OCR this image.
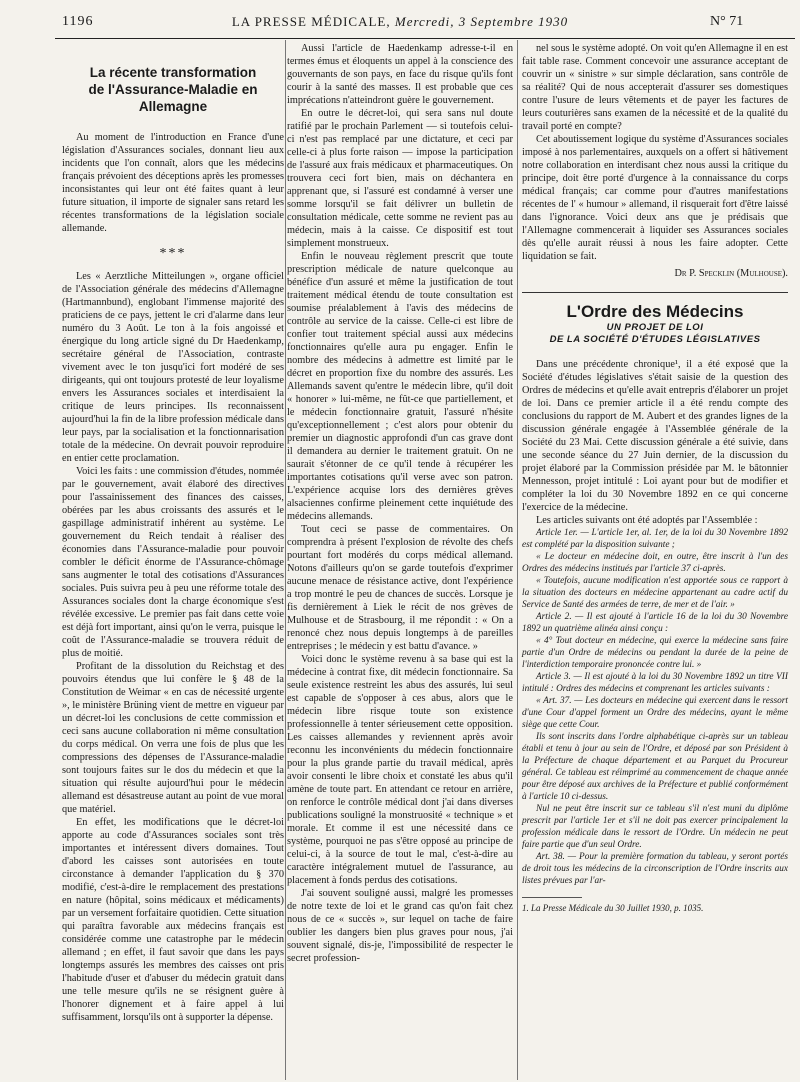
1196	LA PRESSE MÉDICALE, Mercredi, 3 Septembre 1930	N° 71
La récente transformation
de l'Assurance-Maladie en Allemagne

Au moment de l'introduction en France d'une législation d'Assurances sociales, donnant lieu aux incidents que l'on connaît, alors que les médecins français prévoient des déceptions après les promesses inconsistantes qui leur ont été faites quant à leur future situation, il importe de signaler sans retard les récentes transformations de la législation sociale allemande.

***

Les « Aerztliche Mitteilungen », organe officiel de l'Association générale des médecins d'Allemagne (Hartmannbund), englobant l'immense majorité des praticiens de ce pays, jettent le cri d'alarme dans leur numéro du 3 Août. Le ton à la fois angoissé et énergique du long article signé du Dr Haedenkamp, secrétaire général de l'Association, contraste vivement avec le ton jusqu'ici fort modéré de ses dirigeants, qui ont toujours protesté de leur loyalisme envers les Assurances sociales et interdisaient la critique de leurs principes. Ils reconnaissent aujourd'hui la fin de la libre profession médicale dans leur pays, par la socialisation et la fonctionnarisation totale de la médecine. On devrait pouvoir reproduire en entier cette proclamation.

Voici les faits : une commission d'études, nommée par le gouvernement, avait élaboré des directives pour l'assainissement des finances des caisses, obérées par les abus croissants des assurés et le gaspillage administratif inhérent au système. Le gouvernement du Reich tendait à réaliser des économies dans l'Assurance-maladie pour pouvoir combler le déficit énorme de l'Assurance-chômage sans augmenter le total des cotisations d'Assurances sociales. Puis suivra peu à peu une réforme totale des Assurances sociales dont la charge économique s'est révélée excessive. Le premier pas fait dans cette voie est déjà fort important, ainsi qu'on le verra, puisque le coût de l'Assurance-maladie se trouvera réduit de plus de moitié.

Profitant de la dissolution du Reichstag et des pouvoirs étendus que lui confère le § 48 de la Constitution de Weimar « en cas de nécessité urgente », le ministère Brüning vient de mettre en vigueur par un décret-loi les conclusions de cette commission et ceci sans aucune collaboration ni même consultation du corps médical. On verra une fois de plus que les compressions des dépenses de l'Assurance-maladie sont toujours faites sur le dos du médecin et que la situation qui résulte aujourd'hui pour le médecin allemand est désastreuse autant au point de vue moral que matériel.

En effet, les modifications que le décret-loi apporte au code d'Assurances sociales sont très importantes et intéressent divers domaines. Tout d'abord les caisses sont autorisées en toute circonstance à demander l'application du § 370 modifié, c'est-à-dire le remplacement des prestations en nature (hôpital, soins médicaux et médicaments) par un versement forfaitaire quotidien. Cette situation qui paraîtra favorable aux médecins français est considérée comme une catastrophe par le médecin allemand ; en effet, il faut savoir que dans les pays longtemps assurés les membres des caisses ont pris l'habitude d'user et d'abuser du médecin gratuit dans une telle mesure qu'ils ne se résignent guère à l'honorer dignement et à faire appel à lui suffisamment, lorsqu'ils ont à supporter la dépense.

Aussi l'article de Haedenkamp adresse-t-il en termes émus et éloquents un appel à la conscience des gouvernants de son pays, en face du risque qu'ils font courir à la santé des masses. Il est probable que ces imprécations n'atteindront guère le gouvernement.

En outre le décret-loi, qui sera sans nul doute ratifié par le prochain Parlement — si toutefois celui-ci n'est pas remplacé par une dictature, et ceci par celle-ci à plus forte raison — impose la participation de l'assuré aux frais médicaux et pharmaceutiques. On trouvera ceci fort bien, mais on déchantera en apprenant que, si l'assuré est condamné à verser une somme lorsqu'il se fait délivrer un bulletin de consultation médicale, cette somme ne revient pas au médecin, mais à la caisse. Ce dispositif est tout simplement monstrueux.

Enfin le nouveau règlement prescrit que toute prescription médicale de nature quelconque au bénéfice d'un assuré et même la justification de tout traitement médical étendu de toute consultation est soumise préalablement à l'avis des médecins de contrôle au service de la caisse. Celle-ci est libre de confier tout traitement spécial aussi aux médecins fonctionnaires qu'elle aura pu engager. Enfin le nombre des médecins à admettre est limité par le décret en proportion fixe du nombre des assurés. Les Allemands savent qu'entre le médecin libre, qu'il doit « honorer » lui-même, ne fût-ce que partiellement, et le médecin fonctionnaire gratuit, l'assuré n'hésite qu'exceptionnellement ; c'est alors pour obtenir du premier un diagnostic approfondi d'un cas grave dont il demandera au dernier le traitement gratuit. On ne saurait s'étonner de ce qu'il tende à récupérer les importantes cotisations qu'il verse avec son patron. L'expérience acquise lors des dernières grèves alsaciennes confirme pleinement cette inquiétude des médecins allemands.

Tout ceci se passe de commentaires. On comprendra à présent l'explosion de révolte des chefs pourtant fort modérés du corps médical allemand. Notons d'ailleurs qu'on se garde toutefois d'exprimer aucune menace de résistance active, dont l'expérience a trop montré le peu de chances de succès. Lorsque je fis dernièrement à Liek le récit de nos grèves de Mulhouse et de Strasbourg, il me répondit : « On a renoncé chez nous depuis longtemps à de pareilles entreprises ; le médecin y est battu d'avance. »

Voici donc le système revenu à sa base qui est la médecine à contrat fixe, dit médecin fonctionnaire. Sa seule existence restreint les abus des assurés, lui seul est capable de s'opposer à ces abus, alors que le médecin libre risque toute son existence professionnelle à tenter sérieusement cette opposition. Les caisses allemandes y reviennent après avoir reconnu les inconvénients du médecin fonctionnaire pour la plus grande partie du travail médical, après avoir consenti le libre choix et constaté les abus qu'il amène de toute part. En attendant ce retour en arrière, on renforce le contrôle médical dont j'ai dans diverses publications souligné la monstruosité « technique » et morale. Et comme il est une nécessité dans ce système, pourquoi ne pas s'être opposé au principe de celui-ci, à la source de tout le mal, c'est-à-dire au caractère intégralement mutuel de l'assurance, au placement à fonds perdus des cotisations.

J'ai souvent souligné aussi, malgré les promesses de notre texte de loi et le grand cas qu'on fait chez nous de ce « succès », sur lequel on tache de faire oublier les dangers bien plus graves pour nous, j'ai souvent signalé, dis-je, l'impossibilité de respecter le secret profession-

nel sous le système adopté. On voit qu'en Allemagne il en est fait table rase. Comment concevoir une assurance acceptant de couvrir un « sinistre » sur simple déclaration, sans contrôle de sa réalité? Qui de nous accepterait d'assurer ses domestiques contre l'usure de leurs vêtements et de payer les factures de leurs couturières sans examen de la nécessité et de la qualité du travail porté en compte?

Cet aboutissement logique du système d'Assurances sociales imposé à nos parlementaires, auxquels on a offert si hâtivement notre collaboration en interdisant chez nous aussi la critique du principe, doit être porté d'urgence à la connaissance du corps médical français; car comme pour d'autres manifestations récentes de l' « humour » allemand, il risquerait fort d'être laissé dans l'ignorance. Voici deux ans que je prédisais que l'Allemagne commencerait à liquider ses Assurances sociales dès qu'elle aurait réussi à nous les faire adopter. Cette liquidation se fait.

Dr P. Specklin (Mulhouse).
L'Ordre des Médecins
UN PROJET DE LOI
DE LA SOCIÉTÉ D'ÉTUDES LÉGISLATIVES

Dans une précédente chronique¹, il a été exposé que la Société d'études législatives s'était saisie de la question des Ordres de médecins et qu'elle avait entrepris d'élaborer un projet de loi. Dans ce premier article il a été rendu compte des conclusions du rapport de M. Aubert et des grandes lignes de la discussion générale engagée à l'Assemblée générale de la Société du 23 Mai. Cette discussion générale a été suivie, dans une seconde séance du 27 Juin dernier, de la discussion du projet élaboré par la Commission présidée par M. le bâtonnier Mennesson, projet intitulé : Loi ayant pour but de modifier et compléter la loi du 30 Novembre 1892 en ce qui concerne l'exercice de la médecine.

Les articles suivants ont été adoptés par l'Assemblée :

Article 1er. — L'article 1er, al. 1er, de la loi du 30 Novembre 1892 est complété par la disposition suivante ;

« Le docteur en médecine doit, en outre, être inscrit à l'un des Ordres des médecins institués par l'article 37 ci-après.

« Toutefois, aucune modification n'est apportée sous ce rapport à la situation des docteurs en médecine appartenant au cadre actif du Service de Santé des armées de terre, de mer et de l'air. »

Article 2. — Il est ajouté à l'article 16 de la loi du 30 Novembre 1892 un quatrième alinéa ainsi conçu :

« 4° Tout docteur en médecine, qui exerce la médecine sans faire partie d'un Ordre de médecins ou pendant la durée de la peine de l'interdiction temporaire prononcée contre lui. »

Article 3. — Il est ajouté à la loi du 30 Novembre 1892 un titre VII intitulé : Ordres des médecins et comprenant les articles suivants :

« Art. 37. — Les docteurs en médecine qui exercent dans le ressort d'une Cour d'appel forment un Ordre des médecins, ayant le même siège que cette Cour.

Ils sont inscrits dans l'ordre alphabétique ci-après sur un tableau établi et tenu à jour au sein de l'Ordre, et déposé par son Président à la Préfecture de chaque département et au Parquet du Procureur général. Ce tableau est réimprimé au commencement de chaque année pour être déposé aux archives de la Préfecture et publié conformément à l'article 10 ci-dessus.

Nul ne peut être inscrit sur ce tableau s'il n'est muni du diplôme prescrit par l'article 1er et s'il ne doit pas exercer principalement la profession médicale dans le ressort de l'Ordre. Un médecin ne peut faire partie que d'un seul Ordre.

Art. 38. — Pour la première formation du tableau, y seront portés de droit tous les médecins de la circonscription de l'Ordre inscrits aux listes prévues par l'ar-

1. La Presse Médicale du 30 Juillet 1930, p. 1035.
